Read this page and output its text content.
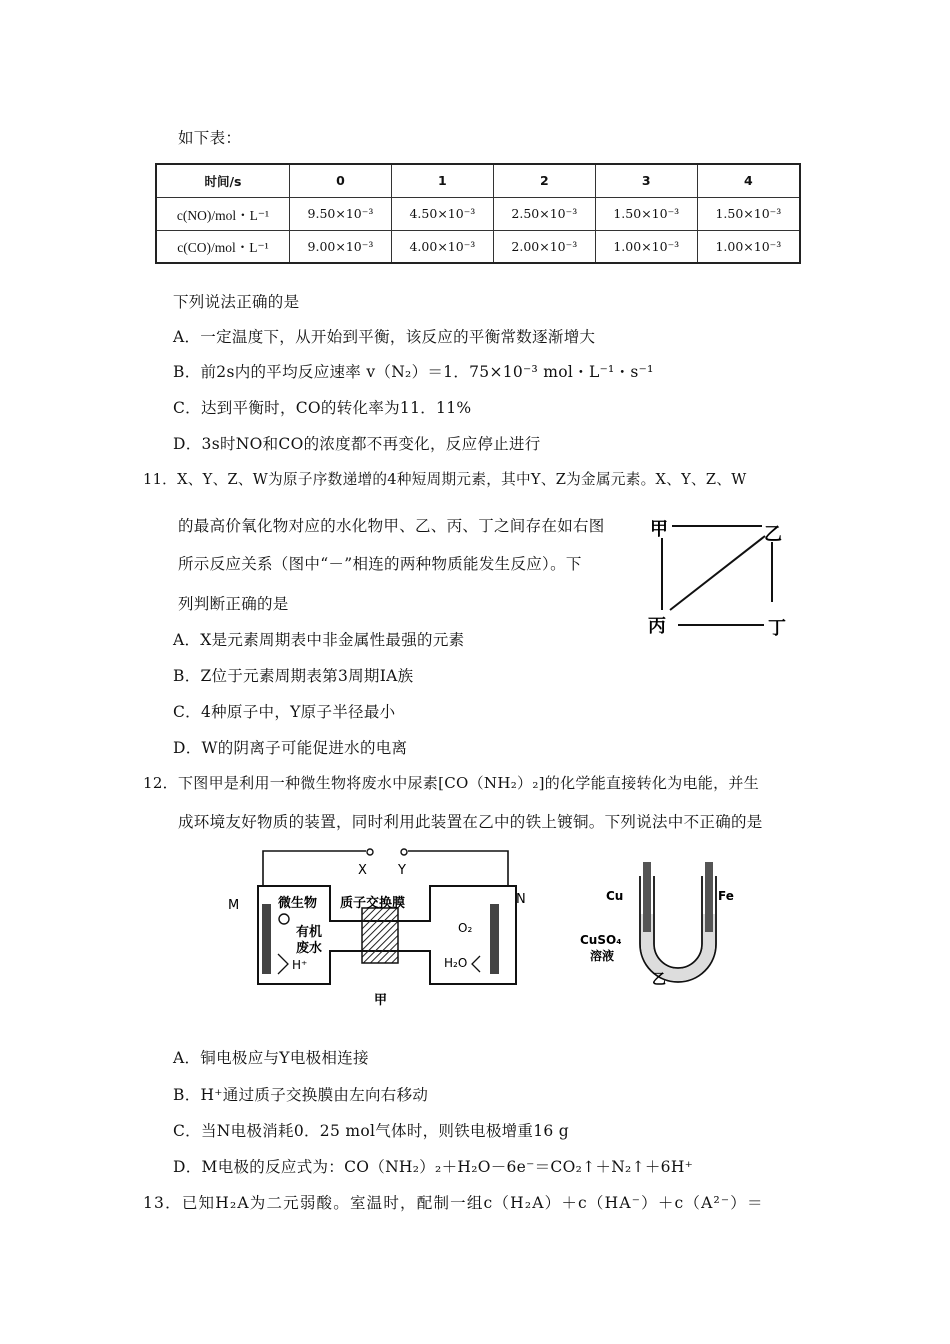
如下表：
时间/s	0	1	2	3	4
c(NO)/mol・L⁻¹	9.50×10⁻³	4.50×10⁻³	2.50×10⁻³	1.50×10⁻³	1.50×10⁻³
c(CO)/mol・L⁻¹	9.00×10⁻³	4.00×10⁻³	2.00×10⁻³	1.00×10⁻³	1.00×10⁻³
下列说法正确的是
A．一定温度下，从开始到平衡，该反应的平衡常数逐渐增大
B．前2s内的平均反应速率 v（N₂）＝1．75×10⁻³ mol・L⁻¹・s⁻¹
C．达到平衡时，CO的转化率为11．11%
D．3s时NO和CO的浓度都不再变化，反应停止进行
11．X、Y、Z、W为原子序数递增的4种短周期元素，其中Y、Z为金属元素。X、Y、Z、W
的最高价氧化物对应的水化物甲、乙、丙、丁之间存在如右图
所示反应关系（图中“－”相连的两种物质能发生反应）。下
列判断正确的是
甲	乙
丙	丁
A．X是元素周期表中非金属性最强的元素
B．Z位于元素周期表第3周期IA族
C．4种原子中，Y原子半径最小
D．W的阴离子可能促进水的电离
12．下图甲是利用一种微生物将废水中尿素[CO（NH₂）₂]的化学能直接转化为电能，并生
成环境友好物质的装置，同时利用此装置在乙中的铁上镀铜。下列说法中不正确的是
X Y
M	N
微生物 质子交换膜
有机
废水
H⁺
O₂
H₂O
甲
Cu	Fe
CuSO₄
溶液
乙
A．铜电极应与Y电极相连接
B．H⁺通过质子交换膜由左向右移动
C．当N电极消耗0．25 mol气体时，则铁电极增重16 g
D．M电极的反应式为：CO（NH₂）₂＋H₂O－6e⁻＝CO₂↑＋N₂↑＋6H⁺
13．已知H₂A为二元弱酸。室温时，配制一组c（H₂A）＋c（HA⁻）＋c（A²⁻）＝
